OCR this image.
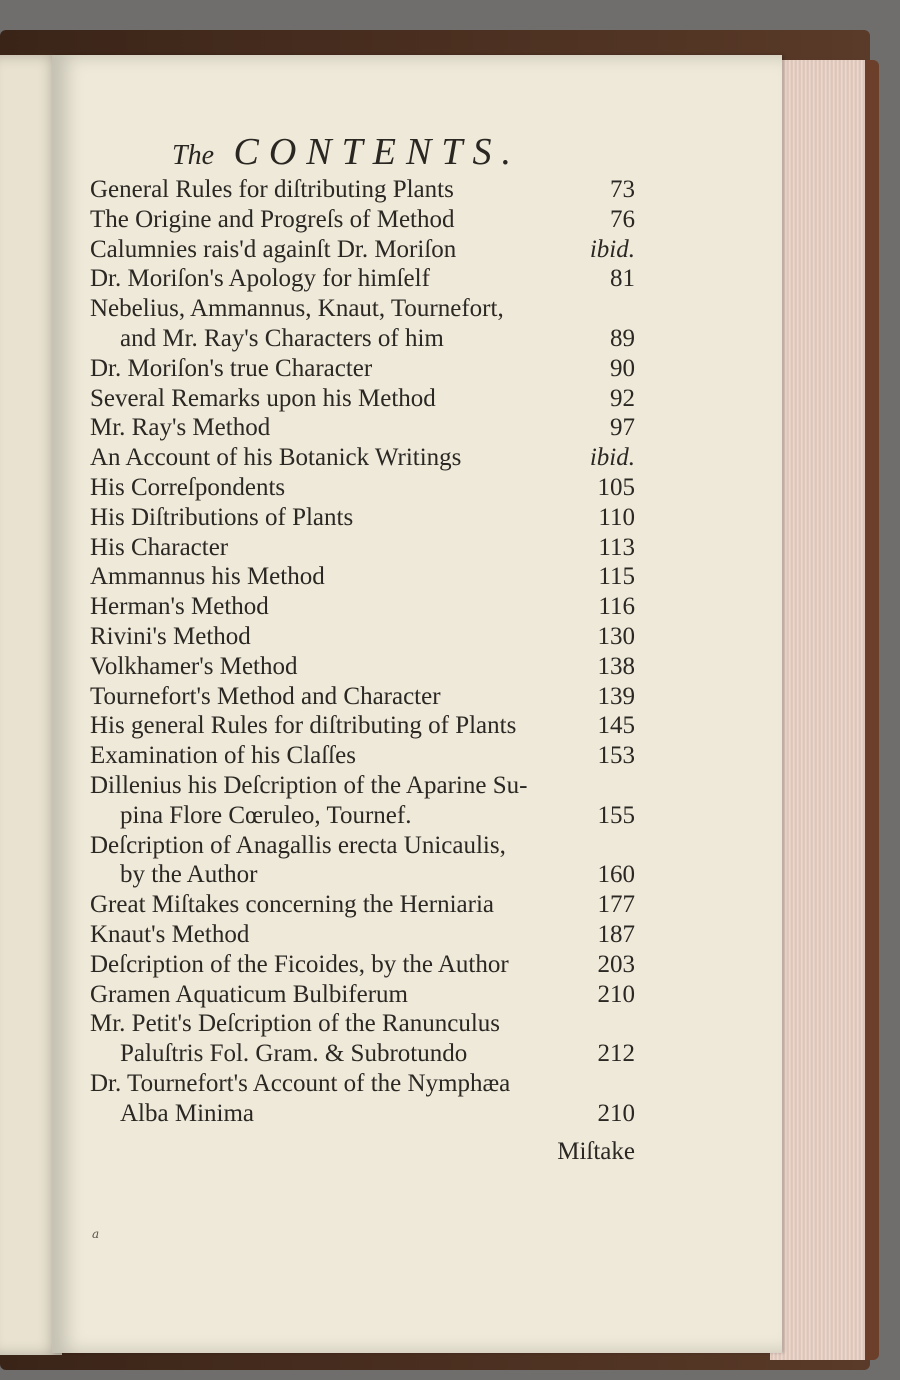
The CONTENTS.
General Rules for diſtributing Plants	73
The Origine and Progreſs of Method	76
Calumnies rais'd againſt Dr. Moriſon	ibid.
Dr. Moriſon's Apology for himſelf	81
Nebelius, Ammannus, Knaut, Tournefort,
and Mr. Ray's Characters of him	89
Dr. Moriſon's true Character	90
Several Remarks upon his Method	92
Mr. Ray's Method	97
An Account of his Botanick Writings	ibid.
His Correſpondents	105
His Diſtributions of Plants	110
His Character	113
Ammannus his Method	115
Herman's Method	116
Rivini's Method	130
Volkhamer's Method	138
Tournefort's Method and Character	139
His general Rules for diſtributing of Plants	145
Examination of his Claſſes	153
Dillenius his Deſcription of the Aparine Su-
pina Flore Cœruleo, Tournef.	155
Deſcription of Anagallis erecta Unicaulis,
by the Author	160
Great Miſtakes concerning the Herniaria	177
Knaut's Method	187
Deſcription of the Ficoides, by the Author	203
Gramen Aquaticum Bulbiferum	210
Mr. Petit's Deſcription of the Ranunculus
Paluſtris Fol. Gram. & Subrotundo	212
Dr. Tournefort's Account of the Nymphæa
Alba Minima	210
Miſtake
a
